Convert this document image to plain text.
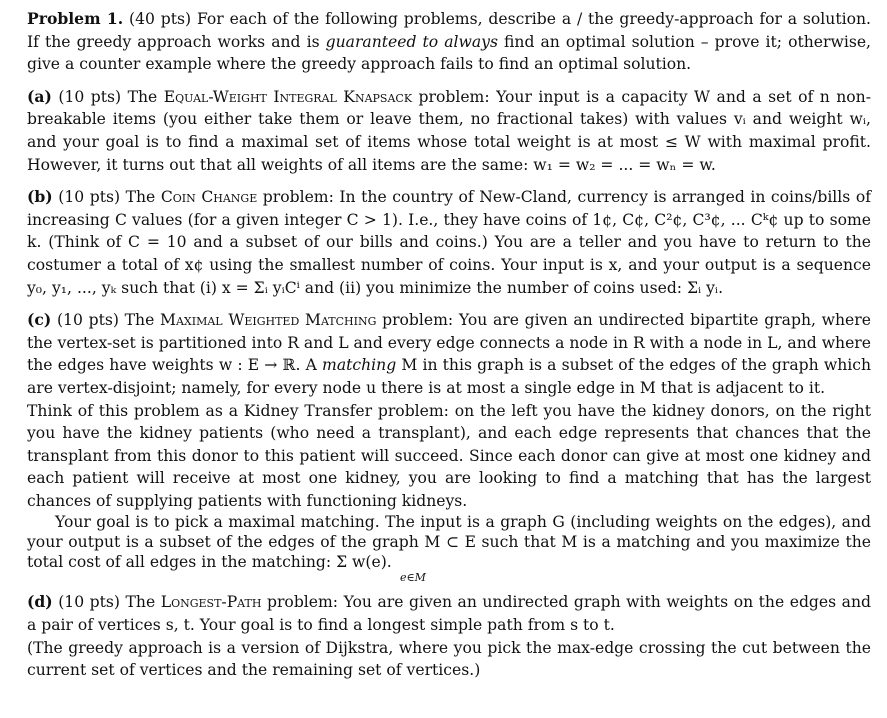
Problem 1. (40 pts) For each of the following problems, describe a / the greedy-approach for a solution. If the greedy approach works and is guaranteed to always find an optimal solution – prove it; otherwise, give a counter example where the greedy approach fails to find an optimal solution.

(a) (10 pts) The Equal-Weight Integral Knapsack problem: Your input is a capacity W and a set of n non-breakable items (you either take them or leave them, no fractional takes) with values vᵢ and weight wᵢ, and your goal is to find a maximal set of items whose total weight is at most ≤ W with maximal profit. However, it turns out that all weights of all items are the same: w₁ = w₂ = ... = wₙ = w.

(b) (10 pts) The Coin Change problem: In the country of New-Cland, currency is arranged in coins/bills of increasing C values (for a given integer C > 1). I.e., they have coins of 1¢, C¢, C²¢, C³¢, ... Cᵏ¢ up to some k. (Think of C = 10 and a subset of our bills and coins.) You are a teller and you have to return to the costumer a total of x¢ using the smallest number of coins. Your input is x, and your output is a sequence y₀, y₁, ..., yₖ such that (i) x = Σᵢ yᵢCⁱ and (ii) you minimize the number of coins used: Σᵢ yᵢ.

(c) (10 pts) The Maximal Weighted Matching problem: You are given an undirected bipartite graph, where the vertex-set is partitioned into R and L and every edge connects a node in R with a node in L, and where the edges have weights w : E → ℝ. A matching M in this graph is a subset of the edges of the graph which are vertex-disjoint; namely, for every node u there is at most a single edge in M that is adjacent to it.

Think of this problem as a Kidney Transfer problem: on the left you have the kidney donors, on the right you have the kidney patients (who need a transplant), and each edge represents that chances that the transplant from this donor to this patient will succeed. Since each donor can give at most one kidney and each patient will receive at most one kidney, you are looking to find a matching that has the largest chances of supplying patients with functioning kidneys.

Your goal is to pick a maximal matching. The input is a graph G (including weights on the edges), and your output is a subset of the edges of the graph M ⊂ E such that M is a matching and you maximize the total cost of all edges in the matching: Σ w(e).

e∈M

(d) (10 pts) The Longest-Path problem: You are given an undirected graph with weights on the edges and a pair of vertices s, t. Your goal is to find a longest simple path from s to t.

(The greedy approach is a version of Dijkstra, where you pick the max-edge crossing the cut between the current set of vertices and the remaining set of vertices.)
